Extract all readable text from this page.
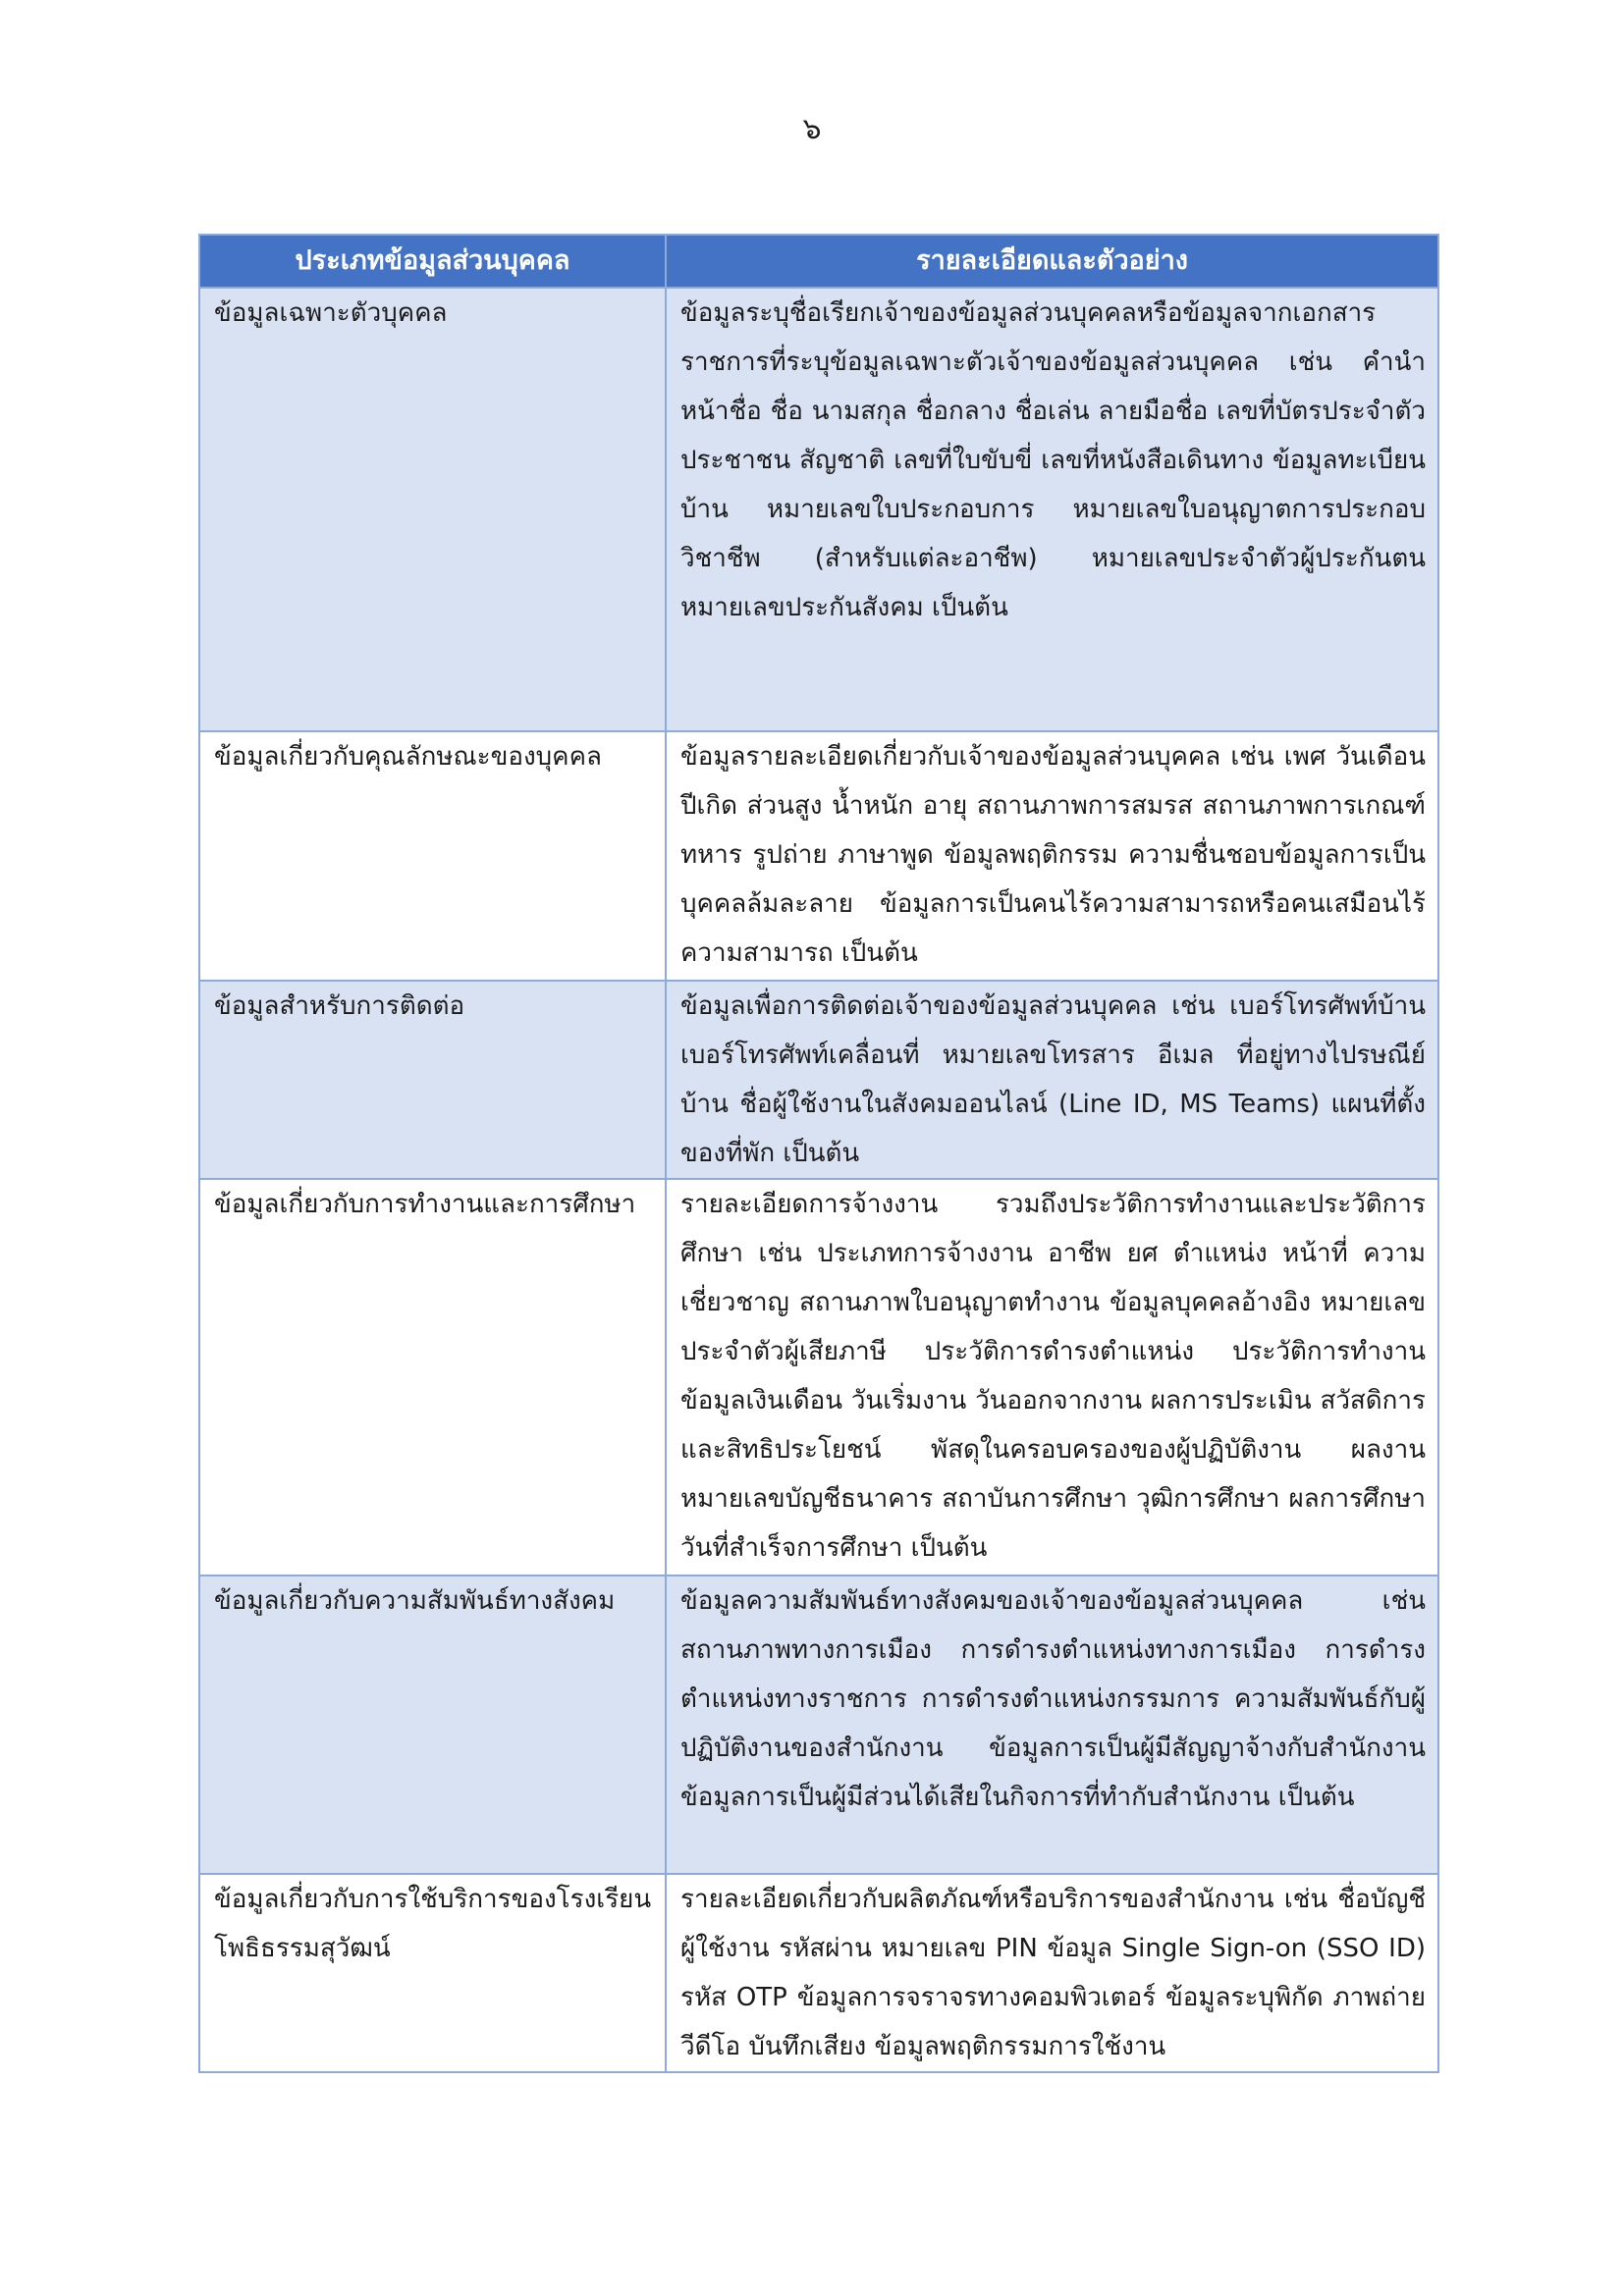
๖
ประเภทข้อมูลส่วนบุคคล	รายละเอียดและตัวอย่าง

ข้อมูลเฉพาะตัวบุคคล	ข้อมูลระบุชื่อเรียกเจ้าของข้อมูลส่วนบุคคลหรือข้อมูลจากเอกสารราชการที่ระบุข้อมูลเฉพาะตัวเจ้าของข้อมูลส่วนบุคคล เช่น คำนำหน้าชื่อ ชื่อ นามสกุล ชื่อกลาง ชื่อเล่น ลายมือชื่อ เลขที่บัตรประจำตัวประชาชน สัญชาติ เลขที่ใบขับขี่ เลขที่หนังสือเดินทาง ข้อมูลทะเบียนบ้าน หมายเลขใบประกอบการ หมายเลขใบอนุญาตการประกอบวิชาชีพ (สำหรับแต่ละอาชีพ) หมายเลขประจำตัวผู้ประกันตน หมายเลขประกันสังคม เป็นต้น

ข้อมูลเกี่ยวกับคุณลักษณะของบุคคล	ข้อมูลรายละเอียดเกี่ยวกับเจ้าของข้อมูลส่วนบุคคล เช่น เพศ วันเดือนปีเกิด ส่วนสูง น้ำหนัก อายุ สถานภาพการสมรส สถานภาพการเกณฑ์ทหาร รูปถ่าย ภาษาพูด ข้อมูลพฤติกรรม ความชื่นชอบข้อมูลการเป็นบุคคลล้มละลาย ข้อมูลการเป็นคนไร้ความสามารถหรือคนเสมือนไร้ความสามารถ เป็นต้น

ข้อมูลสำหรับการติดต่อ	ข้อมูลเพื่อการติดต่อเจ้าของข้อมูลส่วนบุคคล เช่น เบอร์โทรศัพท์บ้าน เบอร์โทรศัพท์เคลื่อนที่ หมายเลขโทรสาร อีเมล ที่อยู่ทางไปรษณีย์บ้าน ชื่อผู้ใช้งานในสังคมออนไลน์ (Line ID, MS Teams) แผนที่ตั้งของที่พัก เป็นต้น

ข้อมูลเกี่ยวกับการทำงานและการศึกษา	รายละเอียดการจ้างงาน รวมถึงประวัติการทำงานและประวัติการศึกษา เช่น ประเภทการจ้างงาน อาชีพ ยศ ตำแหน่ง หน้าที่ ความเชี่ยวชาญ สถานภาพใบอนุญาตทำงาน ข้อมูลบุคคลอ้างอิง หมายเลขประจำตัวผู้เสียภาษี ประวัติการดำรงตำแหน่ง ประวัติการทำงาน ข้อมูลเงินเดือน วันเริ่มงาน วันออกจากงาน ผลการประเมิน สวัสดิการและสิทธิประโยชน์ พัสดุในครอบครองของผู้ปฏิบัติงาน ผลงาน หมายเลขบัญชีธนาคาร สถาบันการศึกษา วุฒิการศึกษา ผลการศึกษา วันที่สำเร็จการศึกษา เป็นต้น

ข้อมูลเกี่ยวกับความสัมพันธ์ทางสังคม	ข้อมูลความสัมพันธ์ทางสังคมของเจ้าของข้อมูลส่วนบุคคล เช่น สถานภาพทางการเมือง การดำรงตำแหน่งทางการเมือง การดำรงตำแหน่งทางราชการ การดำรงตำแหน่งกรรมการ ความสัมพันธ์กับผู้ปฏิบัติงานของสำนักงาน ข้อมูลการเป็นผู้มีสัญญาจ้างกับสำนักงาน ข้อมูลการเป็นผู้มีส่วนได้เสียในกิจการที่ทำกับสำนักงาน เป็นต้น

ข้อมูลเกี่ยวกับการใช้บริการของโรงเรียนโพธิธรรมสุวัฒน์	รายละเอียดเกี่ยวกับผลิตภัณฑ์หรือบริการของสำนักงาน เช่น ชื่อบัญชีผู้ใช้งาน รหัสผ่าน หมายเลข PIN ข้อมูล Single Sign-on (SSO ID) รหัส OTP ข้อมูลการจราจรทางคอมพิวเตอร์ ข้อมูลระบุพิกัด ภาพถ่าย วีดีโอ บันทึกเสียง ข้อมูลพฤติกรรมการใช้งาน
